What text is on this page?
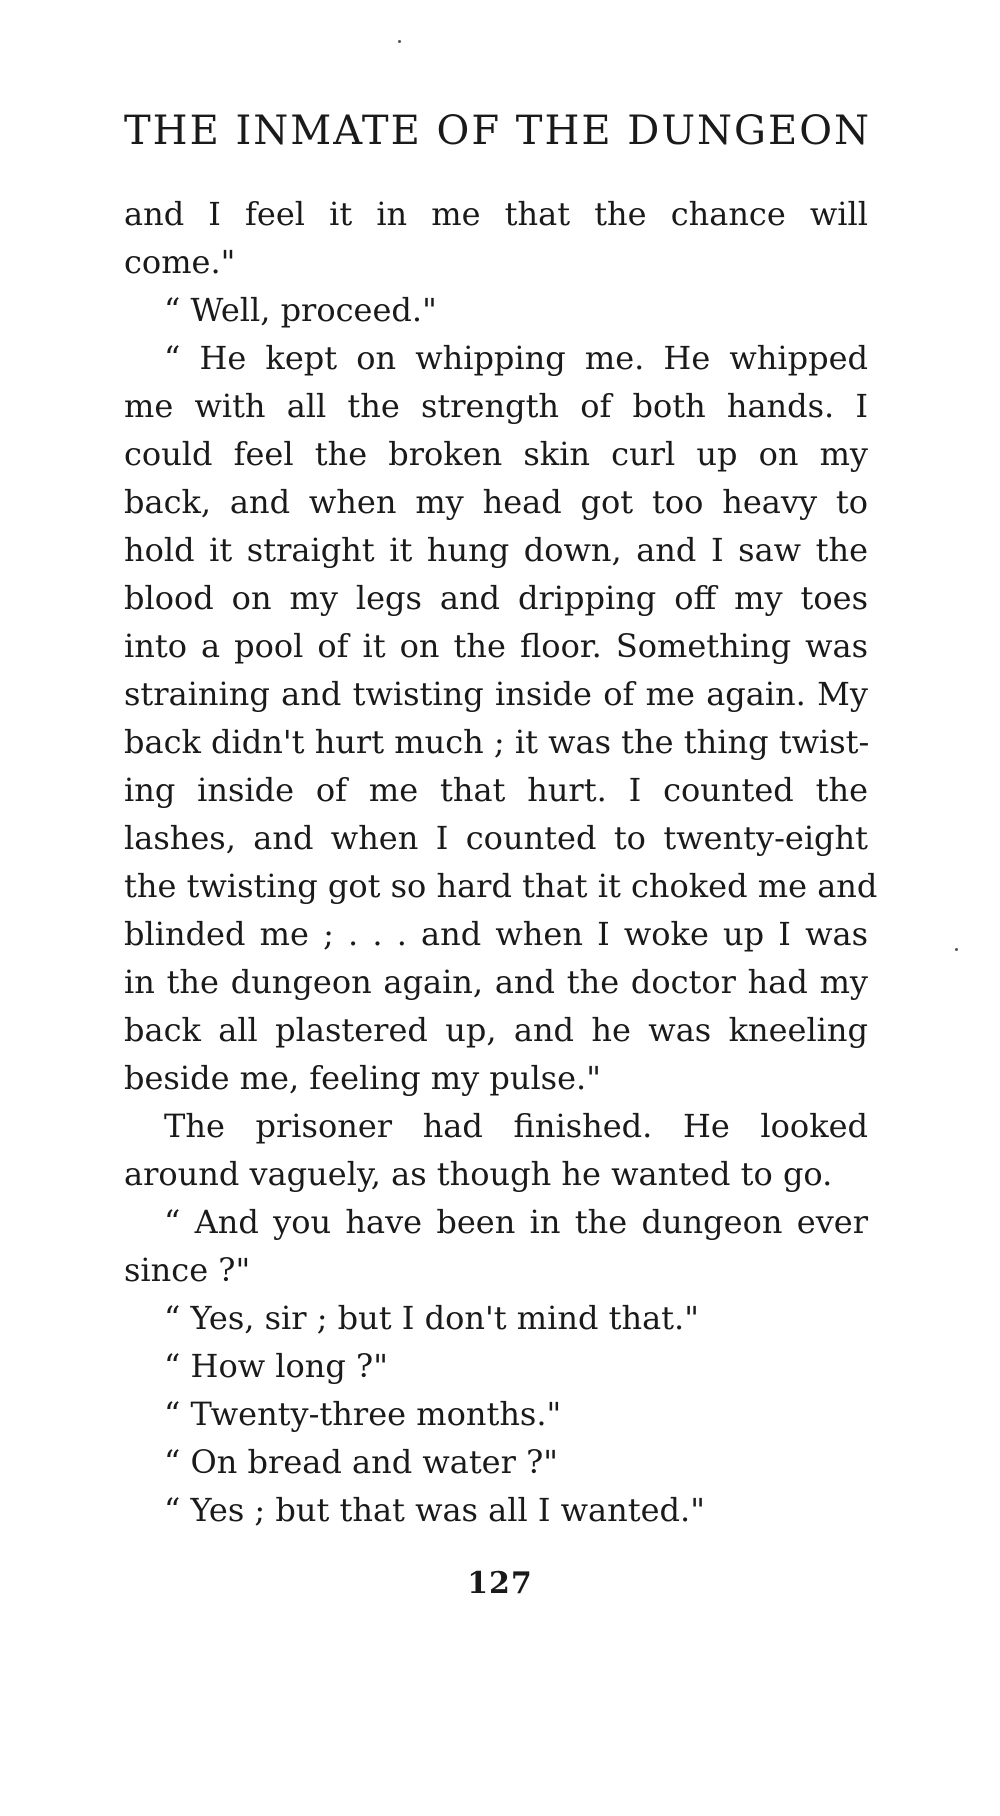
THE INMATE OF THE DUNGEON
and I feel it in me that the chance will
come."
“ Well, proceed."
“ He kept on whipping me. He whipped
me with all the strength of both hands. I
could feel the broken skin curl up on my
back, and when my head got too heavy to
hold it straight it hung down, and I saw the
blood on my legs and dripping off my toes
into a pool of it on the floor. Something was
straining and twisting inside of me again. My
back didn't hurt much ; it was the thing twist-
ing inside of me that hurt. I counted the
lashes, and when I counted to twenty-eight
the twisting got so hard that it choked me and
blinded me ; . . . and when I woke up I was
in the dungeon again, and the doctor had my
back all plastered up, and he was kneeling
beside me, feeling my pulse."
The prisoner had finished. He looked
around vaguely, as though he wanted to go.
“ And you have been in the dungeon ever
since ?"
“ Yes, sir ; but I don't mind that."
“ How long ?"
“ Twenty-three months."
“ On bread and water ?"
“ Yes ; but that was all I wanted."
127
